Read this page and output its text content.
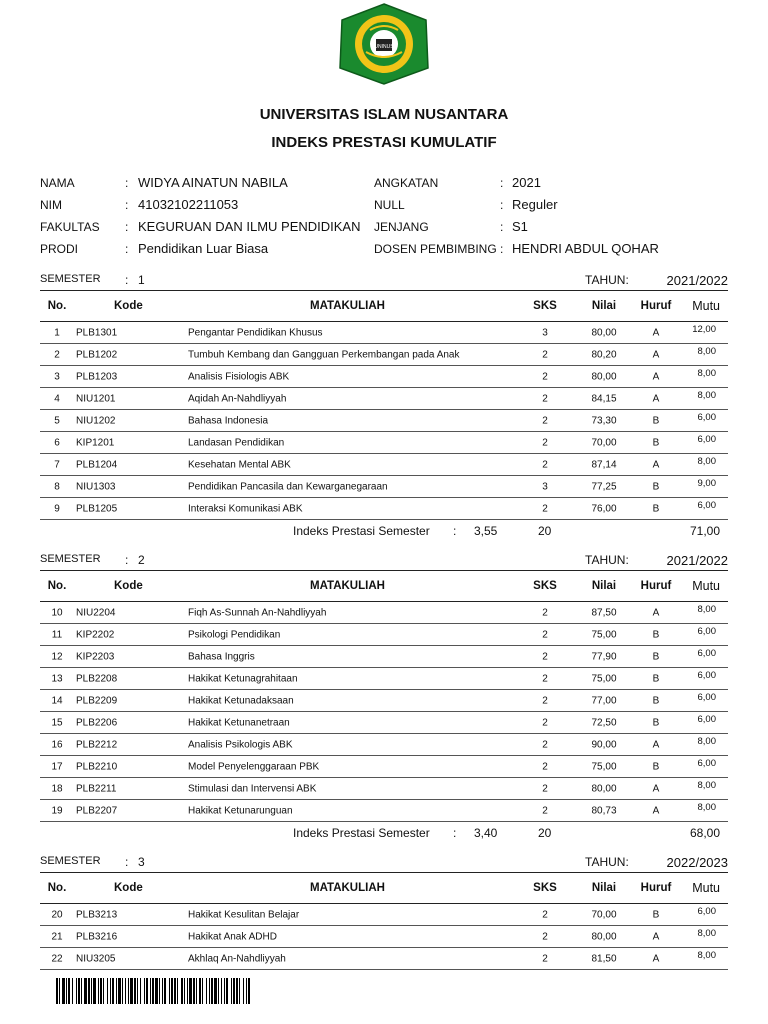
UNINUS
UNIVERSITAS ISLAM NUSANTARA
INDEKS PRESTASI KUMULATIF
NAMA	: WIDYA AINATUN NABILA
NIM	: 41032102211053
FAKULTAS : KEGURUAN DAN ILMU PENDIDIKAN
PRODI	: Pendidikan Luar Biasa
ANGKATAN	: 2021
NULL	: Reguler
JENJANG	: S1
DOSEN PEMBIMBING : HENDRI ABDUL QOHAR
SEMESTER : 1	TAHUN:	2021/2022
No.	Kode	MATAKULIAH	SKS	Nilai	Huruf	Mutu
1	PLB1301	Pengantar Pendidikan Khusus	3	80,00	A	12,00
2	PLB1202	Tumbuh Kembang dan Gangguan Perkembangan pada Anak	2	80,20	A	8,00
3	PLB1203	Analisis Fisiologis ABK	2	80,00	A	8,00
4	NIU1201	Aqidah An-Nahdliyyah	2	84,15	A	8,00
5	NIU1202	Bahasa Indonesia	2	73,30	B	6,00
6	KIP1201	Landasan Pendidikan	2	70,00	B	6,00
7	PLB1204	Kesehatan Mental ABK	2	87,14	A	8,00
8	NIU1303	Pendidikan Pancasila dan Kewarganegaraan	3	77,25	B	9,00
9	PLB1205	Interaksi Komunikasi ABK	2	76,00	B	6,00
Indeks Prestasi Semester : 3,55	20	71,00
SEMESTER : 2	TAHUN:	2021/2022
No.	Kode	MATAKULIAH	SKS	Nilai	Huruf	Mutu
10	NIU2204	Fiqh As-Sunnah An-Nahdliyyah	2	87,50	A	8,00
11	KIP2202	Psikologi Pendidikan	2	75,00	B	6,00
12	KIP2203	Bahasa Inggris	2	77,90	B	6,00
13	PLB2208	Hakikat Ketunagrahitaan	2	75,00	B	6,00
14	PLB2209	Hakikat Ketunadaksaan	2	77,00	B	6,00
15	PLB2206	Hakikat Ketunanetraan	2	72,50	B	6,00
16	PLB2212	Analisis Psikologis ABK	2	90,00	A	8,00
17	PLB2210	Model Penyelenggaraan PBK	2	75,00	B	6,00
18	PLB2211	Stimulasi dan Intervensi ABK	2	80,00	A	8,00
19	PLB2207	Hakikat Ketunarunguan	2	80,73	A	8,00
Indeks Prestasi Semester : 3,40	20	68,00
SEMESTER : 3	TAHUN:	2022/2023
No.	Kode	MATAKULIAH	SKS	Nilai	Huruf	Mutu
20	PLB3213	Hakikat Kesulitan Belajar	2	70,00	B	6,00
21	PLB3216	Hakikat Anak ADHD	2	80,00	A	8,00
22	NIU3205	Akhlaq An-Nahdliyyah	2	81,50	A	8,00
